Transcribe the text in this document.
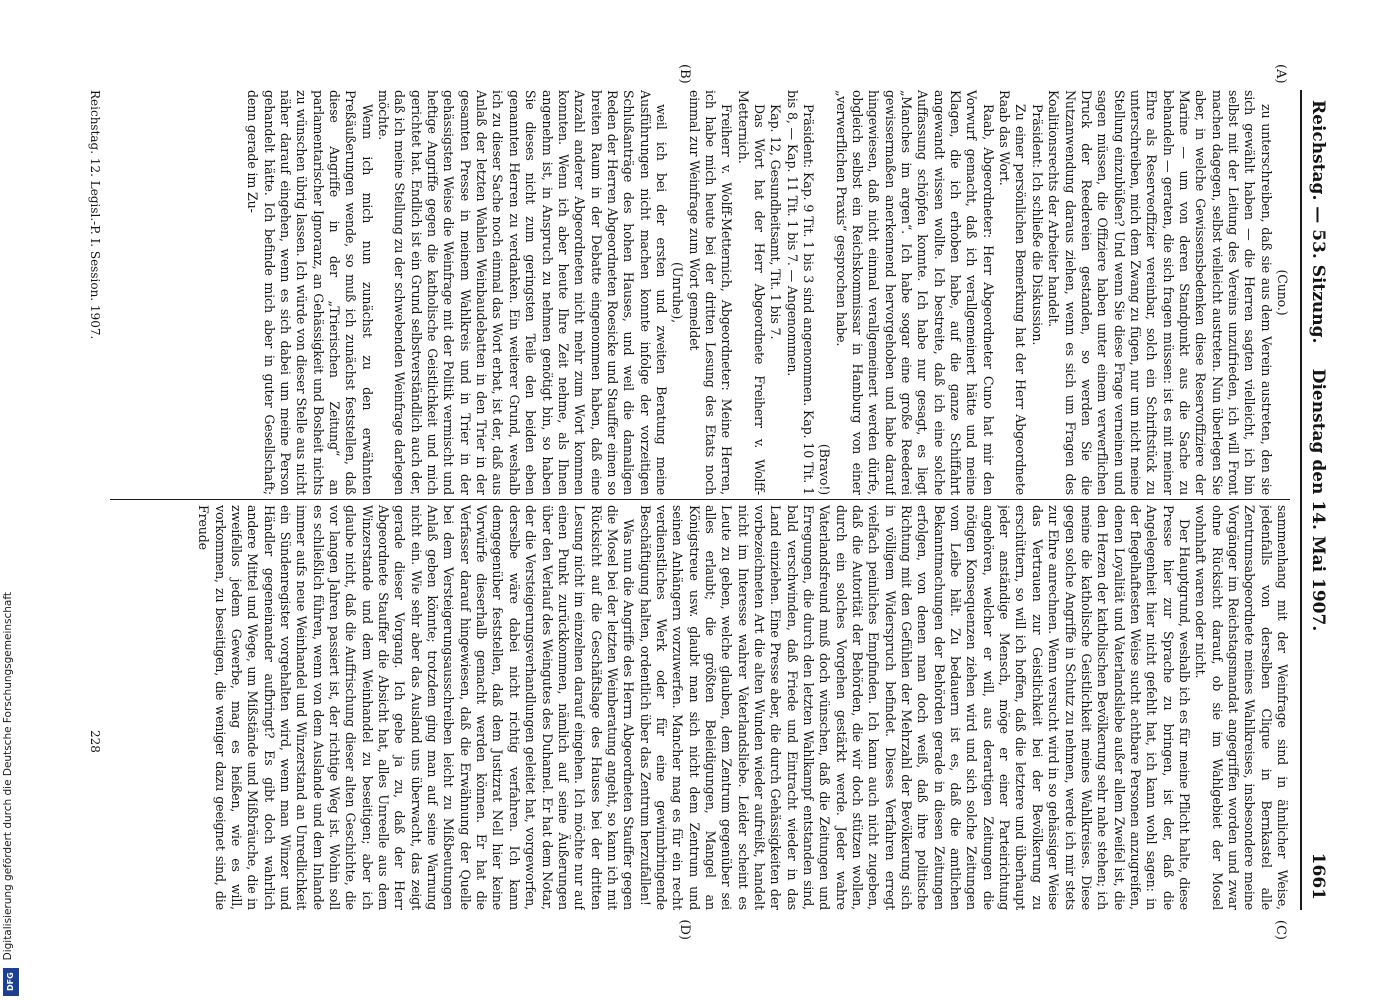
Reichstag. — 53. Sitzung.
Dienstag den 14. Mai 1907.
1661
(A)
(B)
(C)
(D)

(Cuno.)

zu unterschreiben, daß sie aus dem Verein austreten, den sie sich gewählt haben — die Herren sagten vielleicht, ich bin selbst mit der Leitung des Vereins unzufrieden, ich will Front machen dagegen, selbst vielleicht austreten. Nun überlegen Sie aber, in welche Gewissensbedenken diese Reservoffiziere der Marine — um von deren Standpunkt aus die Sache zu behandeln — geraten, die sich fragen müssen: ist es mit meiner Ehre als Reserveoffizier vereinbar, solch ein Schriftstück zu unterschreiben, mich dem Zwang zu fügen, nur um nicht meine Stellung einzubüßen? Und wenn Sie diese Frage verneinen und sagen müssen, die Offiziere haben unter einem verwerflichen Druck der Reedereien gestanden, so werden Sie die Nutzanwendung daraus ziehen, wenn es sich um Fragen des Koalitionsrechts der Arbeiter handelt.

Präsident: Ich schließe die Diskussion.

Zu einer persönlichen Bemerkung hat der Herr Abgeordnete Raab das Wort.

Raab, Abgeordneter: Herr Abgeordneter Cuno hat mir den Vorwurf gemacht, daß ich verallgemeinert hätte und meine Klagen, die ich erhoben habe, auf die ganze Schiffahrt angewandt wissen wollte. Ich bestreite, daß ich eine solche Auffassung schöpfen konnte. Ich habe nur gesagt, es liegt „Manches im argen“. Ich habe sogar eine große Reederei gewissermaßen anerkennend hervorgehoben und habe darauf hingewiesen, daß nicht einmal verallgemeinert werden dürfe, obgleich selbst ein Reichskommissar in Hamburg von einer „verwerflichen Praxis“ gesprochen habe.

(Bravo!)

Präsident: Kap. 9 Tit. 1 bis 3 sind angenommen. Kap. 10 Tit. 1 bis 8, — Kap. 11 Tit. 1 bis 7. — Angenommen.

Kap. 12, Gesundheitsamt, Tit. 1 bis 7.

Das Wort hat der Herr Abgeordnete Freiherr v. Wolff-Metternich.

Freiherr v. Wolff-Metternich, Abgeordneter: Meine Herren, ich habe mich heute bei der dritten Lesung des Etats noch einmal zur Weinfrage zum Wort gemeldet

(Unruhe),

weil ich bei der ersten und zweiten Beratung meine Ausführungen nicht machen konnte infolge der vorzeitigen Schlußanträge des hohen Hauses, und weil die damaligen Reden der Herren Abgeordneten Roesicke und Stauffer einen so breiten Raum in der Debatte eingenommen haben, daß eine Anzahl anderer Abgeordneten nicht mehr zum Wort kommen konnten. Wenn ich aber heute Ihre Zeit nehme, als Ihnen angenehm ist, in Anspruch zu nehmen genötigt bin, so haben Sie dieses nicht zum geringsten Teile den beiden eben genannten Herren zu verdanken. Ein weiterer Grund, weshalb ich zu dieser Sache noch einmal das Wort erbat, ist der, daß aus Anlaß der letzten Wahlen Weinbaudebatten in den Trier in der gesamten Presse in meinem Wahlkreis und in Trier in der gehässigsten Weise die Weinfrage mit der Politik vermischt und heftige Angriffe gegen die katholische Geistlichkeit und mich gerichtet hat. Endlich ist ein Grund selbstverständlich auch der, daß ich meine Stellung zu der schwebenden Weinfrage darlegen möchte.

Wenn ich mich nun zunächst zu den erwähnten Preßäußerungen wende, so muß ich zunächst feststellen, daß diese Angriffe in der „Trierischen Zeitung“ an parlamentarischer Ignoranz, an Gehässigkeit und Bosheit nichts zu wünschen übrig lassen. Ich würde von dieser Stelle aus nicht näher darauf eingehen, wenn es sich dabei um meine Person gehandelt hätte. Ich befinde mich aber in guter Gesellschaft; denn gerade im Zu-

sammenhang mit der Weinfrage sind in ähnlicher Weise, jedenfalls von derselben Clique in Bernkastel alle Zentrumsabgeordnete meines Wahlkreises, insbesondere meine Vorgänger im Reichstagsmandat angegriffen worden und zwar ohne Rücksicht darauf, ob sie im Wahlgebiet der Mosel wohnhaft waren oder nicht.

Der Hauptgrund, weshalb ich es für meine Pflicht halte, diese Presse hier zur Sprache zu bringen, ist der, daß die Angelegenheit hier nicht gefehlt hat, ich kann wohl sagen: in der flegelhaftesten Weise sucht achtbare Personen anzugreifen, denen Loyalität und Vaterlandsliebe außer allem Zweifel ist, die den Herzen der katholischen Bevölkerung sehr nahe stehen; ich meine die katholische Geistlichkeit meines Wahlkreises. Diese gegen solche Angriffe in Schutz zu nehmen, werde ich mir stets zur Ehre anrechnen. Wenn versucht wird in so gehässiger Weise das Vertrauen zur Geistlichkeit bei der Bevölkerung zu erschüttern, so will ich hoffen, daß die letztere und überhaupt jeder anständige Mensch, möge er einer Parteirichtung angehören, welcher er will, aus derartigen Zeitungen die nötigen Konsequenzen ziehen wird und sich solche Zeitungen vom Leibe hält. Zu bedauern ist es, daß die amtlichen Bekanntmachungen der Behörden gerade in diesen Zeitungen erfolgen, von denen man doch weiß, daß ihre politische Richtung mit den Gefühlen der Mehrzahl der Bevölkerung sich in völligem Widerspruch befindet. Dieses Verfahren erregt vielfach peinliches Empfinden. Ich kann auch nicht zugeben, daß die Autorität der Behörden, die wir doch stützen wollen, durch ein solches Vorgehen gestärkt werde. Jeder wahre Vaterlandsfreund muß doch wünschen, daß die Zeitungen und Erregungen, die durch den letzten Wahlkampf entstanden sind, bald verschwinden, daß Friede und Eintracht wieder in das Land einziehen. Eine Presse aber, die durch Gehässigkeiten der vorbezeichneten Art die alten Wunden wieder aufreißt, handelt nicht im Interesse wahrer Vaterlandsliebe. Leider scheint es Leute zu geben, welche glauben, dem Zentrum gegenüber sei alles erlaubt; die größten Beleidigungen, Mangel an Königstreue usw. glaubt man sich nicht dem Zentrum und seinen Anhängern vorzuwerfen. Mancher mag es für ein recht verdienstliches Werk oder für eine gewinnbringende Beschäftigung halten, ordentlich über das Zentrum herzufallen!

Was nun die Angriffe des Herrn Abgeordneten Stauffer gegen die Mosel bei der letzten Weinberatung angeht, so kann ich mit Rücksicht auf die Geschäftslage des Hauses bei der dritten Lesung nicht im einzelnen darauf eingehen. Ich möchte nur auf einen Punkt zurückkommen, nämlich auf seine Äußerungen über den Verlauf des Weingutes des Duhamel. Er hat dem Notar, der die Versteigerungsverhandlungen geleitet hat, vorgeworfen, derselbe wäre dabei nicht richtig verfahren. Ich kann demgegenüber feststellen, daß dem Justizrat Nell hier keine Vorwürfe dieserhalb gemacht werden können. Er hat die Verfasser darauf hingewiesen, daß die Erwähnung der Quelle bei dem Versteigerungsausschreiben leicht zu Mißbeutungen Anlaß geben könnte; trotzdem ging man auf seine Warnung nicht ein. Wie sehr aber das Ausland uns überwacht, das zeigt gerade dieser Vorgang. Ich gebe ja zu, daß der Herr Abgeordnete Stauffer die Absicht hat, alles Unreelle aus dem Winzerstande und dem Weinhandel zu beseitigen; aber ich glaube nicht, daß die Auffrischung dieser alten Geschichte, die vor langen Jahren passiert ist, der richtige Weg ist. Wohin soll es schließlich führen, wenn von dem Auslande und dem Inlande immer aufs neue Weinhandel und Winzerstand an Unredlichkeit ein Sündenregister vorgehalten wird, wenn man Winzer und Händler gegeneinander aufbringt? Es gibt doch wahrlich andere Mittel und Wege, um Mißstände und Mißbräuche, die in zweifellos jedem Gewerbe, mag es heißen, wie es will, vorkommen, zu beseitigen, die weniger dazu geeignet sind, die Freude

Reichstag. 12. Legisl.-P. I. Session. 1907.
228
Digitalisierung gefördert durch die Deutsche Forschungsgemeinschaft
DFG
